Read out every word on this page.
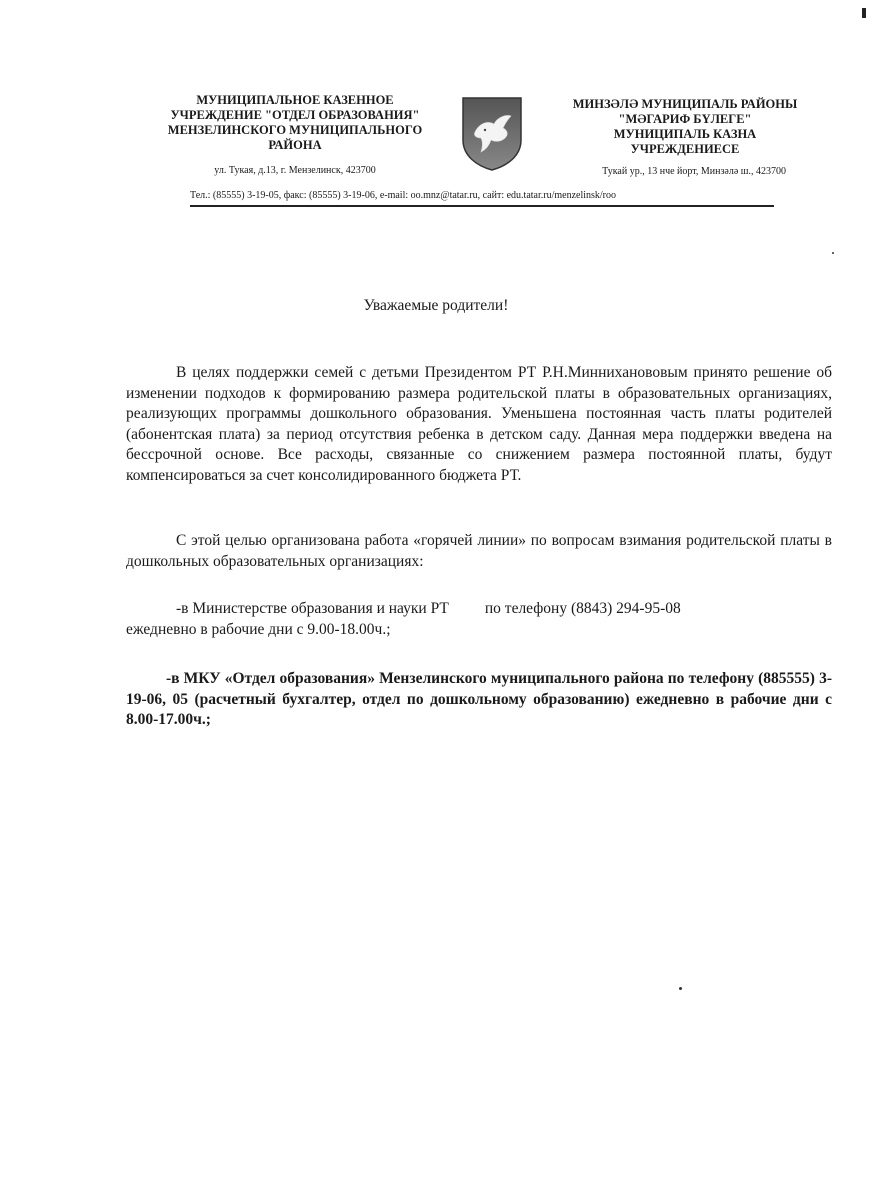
МУНИЦИПАЛЬНОЕ КАЗЕННОЕ
УЧРЕЖДЕНИЕ "ОТДЕЛ ОБРАЗОВАНИЯ"
МЕНЗЕЛИНСКОГО МУНИЦИПАЛЬНОГО
РАЙОНА
ул. Тукая, д.13, г. Мензелинск, 423700
МИНЗӘЛӘ МУНИЦИПАЛЬ РАЙОНЫ
"МӘГАРИФ БҮЛЕГЕ"
МУНИЦИПАЛЬ КАЗНА
УЧРЕЖДЕНИЕСЕ
Тукай ур., 13 нче йорт, Минзәлә ш., 423700
Тел.: (85555) 3-19-05, факс: (85555) 3-19-06, e-mail: oo.mnz@tatar.ru, сайт: edu.tatar.ru/menzelinsk/roo
Уважаемые родители!
В целях поддержки семей с детьми Президентом РТ Р.Н.Минниханововым принято решение об изменении подходов к формированию размера родительской платы в образовательных организациях, реализующих программы дошкольного образования. Уменьшена постоянная часть платы родителей (абонентская плата) за период отсутствия ребенка в детском саду. Данная мера поддержки введена на бессрочной основе. Все расходы, связанные со снижением размера постоянной платы, будут компенсироваться за счет консолидированного бюджета РТ.
С этой целью организована работа «горячей линии» по вопросам взимания родительской платы в дошкольных образовательных организациях:
-в Министерстве образования и науки РТ по телефону (8843) 294-95-08
ежедневно в рабочие дни с 9.00-18.00ч.;
-в МКУ «Отдел образования» Мензелинского муниципального района по телефону (885555) 3-19-06, 05 (расчетный бухгалтер, отдел по дошкольному образованию) ежедневно в рабочие дни с 8.00-17.00ч.;
